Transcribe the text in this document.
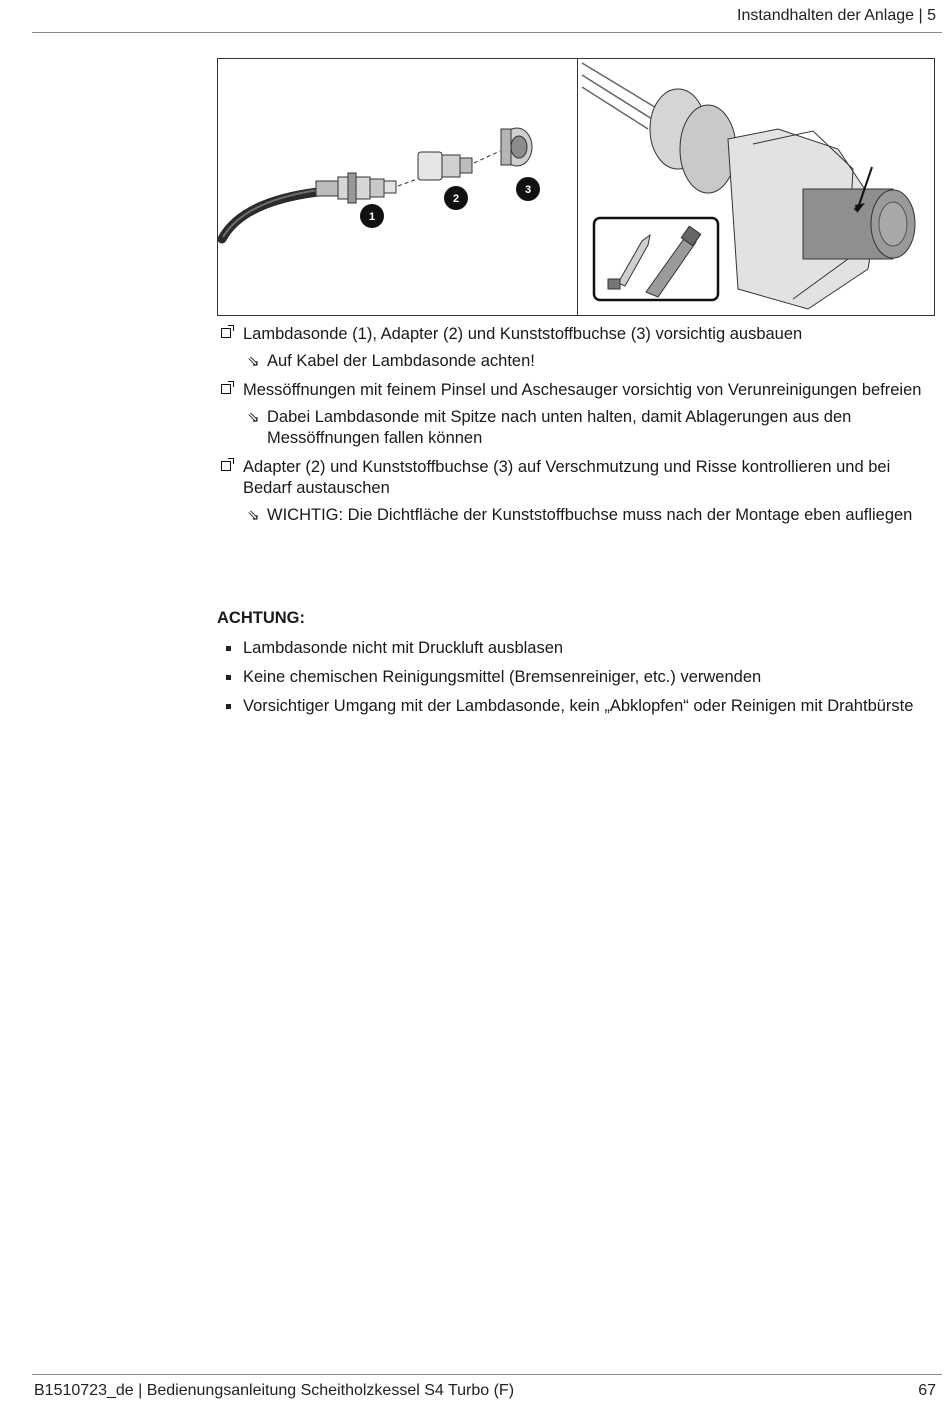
Instandhalten der Anlage | 5
1
2
3
Lambdasonde (1), Adapter (2) und Kunststoffbuchse (3) vorsichtig ausbauen
⇘ Auf Kabel der Lambdasonde achten!
Messöffnungen mit feinem Pinsel und Aschesauger vorsichtig von Verunreinigungen befreien
⇘ Dabei Lambdasonde mit Spitze nach unten halten, damit Ablagerungen aus den Messöffnungen fallen können
Adapter (2) und Kunststoffbuchse (3) auf Verschmutzung und Risse kontrollieren und bei Bedarf austauschen
⇘ WICHTIG: Die Dichtfläche der Kunststoffbuchse muss nach der Montage eben aufliegen
ACHTUNG:
Lambdasonde nicht mit Druckluft ausblasen
Keine chemischen Reinigungsmittel (Bremsenreiniger, etc.) verwenden
Vorsichtiger Umgang mit der Lambdasonde, kein „Abklopfen“ oder Reinigen mit Drahtbürste
B1510723_de | Bedienungsanleitung Scheitholzkessel S4 Turbo (F)	67
